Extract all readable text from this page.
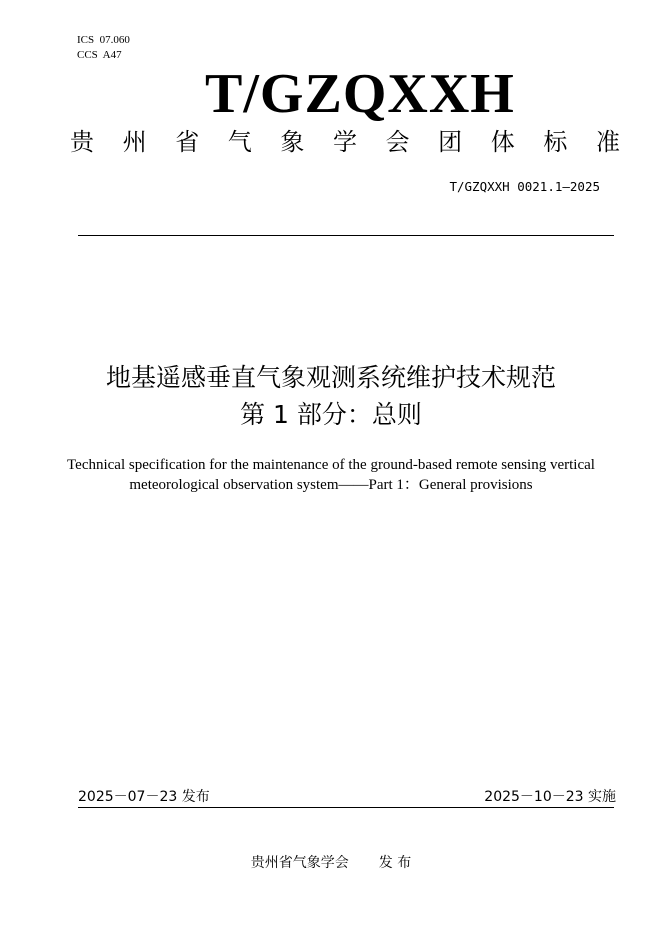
ICS  07.060
CCS  A47
T/GZQXXH
贵 州 省 气 象 学 会 团 体 标 准
T/GZQXXH 0021.1—2025
地基遥感垂直气象观测系统维护技术规范
第 1 部分：总则
Technical specification for the maintenance of the ground-based remote sensing vertical meteorological observation system——Part 1：General provisions
2025－07－23 发布	2025－10－23 实施
贵州省气象学会 发 布
